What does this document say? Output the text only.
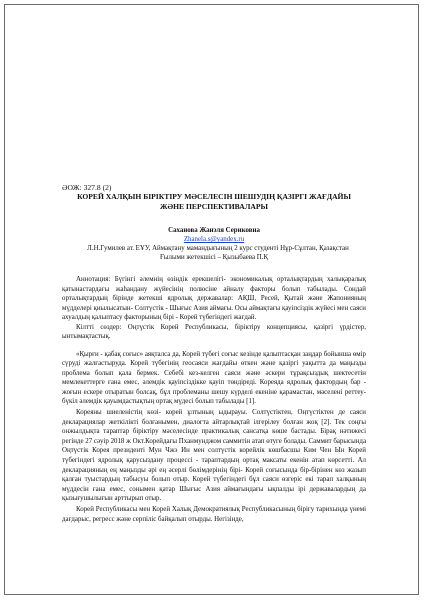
ӘОЖ: 327.8 (2)

КОРЕЙ ХАЛҚЫН БІРІКТІРУ МӘСЕЛЕСІН ШЕШУДІҢ ҚАЗІРГІ ЖАҒДАЙЫ
ЖӘНЕ ПЕРСПЕКТИВАЛАРЫ

Саханова Жанэля Сериковна
Zhanela.s@yandex.ru
Л.Н.Гумилев ат. ЕҰУ, Аймақтану мамандығының 2 курс студенті Нұр-Сұлтан, Қазақстан
Ғылыми жетекшісі – Қызыбаева П.Қ

Аннотация: Бүгінгі әлемнің өзіндік ерекшелігі- экономикалық орталықтардың халықаралық қатынастардағы жаһандану жүйесінің полюсіне айналу факторы болып табылады. Сондай орталықтардың бірінде жетекші ядролық державалар: АҚШ, Ресей, Қытай және Жапонияның мүдделері қиылысатын- Солтүстік - Шығыс Азия аймағы. Осы аймақтағы қауіпсіздік жүйесі мен саяси ахуалдың қалыптасу факторының бірі - Корей түбегіндегі жағдай.

Кілтті сөздер: Оңтүстік Корей Республикасы, біріктіру концепциясы, қазіргі үрдістер, ынтымақтастық.

«Қырғи - қабақ соғыс» аяқталса да, Корей түбегі соғыс кезінде қалыптасқан заңдар бойынша өмір сүруді жалғастыруда. Корей түбегінің геосаяси жағдайы өткен және қазіргі уақытта да маңызды проблема болып қала бермек. Себебі кез-келген саяси және әскери тұрақсыздық шектесетін мемлекеттерге ғана емес, әлемдік қауіпсіздікке қауіп төндіреді. Кореяда ядролық фактордың бар - жоғын ескере отыратын болсақ, бұл проблеманы шешу күрделі екеніне қарамастан, мәселені реттеу- бүкіл әлемдік қауымдастықтың ортақ мүдесі болып табылады [1].

Кореяны шиеленістің көзі- корей ұлтының ыдырауы. Солтүстіктен, Оңтүстіктен де саяси декларациялар жеткілікті болғанымен, диалогта айтарлықтай ілгерілеу болған жоқ [2]. Тек соңғы онжылдықта тараптар біріктіру мәселесінде практикалық сансатқа көше бастады. Бірақ нәтижесі регінде 27 сәуір 2018 ж Окт.Корейдағы Пханмунджом саммитін атап өтуге болады. Саммит барысында Оңтүстік Корея президенті Мун Чжэ Ин мен солтүстік корейлік көшбасшы Ким Чен Ын Корей түбегіндегі ядролық қарусыздану процессі - тараптардың ортақ максаты екенін атап көрсетті. Ал декларацияның ең маңызды әрі ең әсерлі бөлімдерінің бірі- Корей соғысында бір-бірінен көз жазып қалған туыстардың табысуы болып отыр. Корей түбегіндегі бұл саяси өзгеріс екі тарап халқының мүддесін ғана емес, сонымен қатар Шығыс Азия аймағындағы ықпалды ірі державалардың да қызығушылығын арттырып отыр.

Корей Республикасы мен Корей Халық Демократиялық Республикасының бірігу тарихында үнемі дағдарыс, регресс және серпіліс байқалып отырды. Негізінде,
